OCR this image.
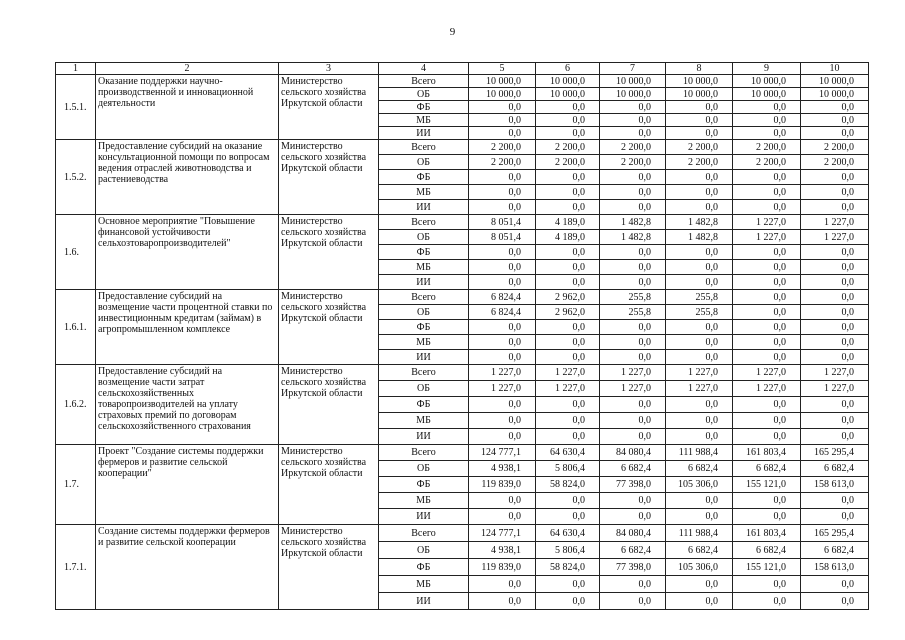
9
1	2	3	4	5	6	7	8	9	10
1.5.1.	Оказание поддержки научно-производственной и инновационной деятельности	Министерство сельского хозяйства Иркутской области	Всего	10 000,0	10 000,0	10 000,0	10 000,0	10 000,0	10 000,0
			ОБ	10 000,0	10 000,0	10 000,0	10 000,0	10 000,0	10 000,0
			ФБ	0,0	0,0	0,0	0,0	0,0	0,0
			МБ	0,0	0,0	0,0	0,0	0,0	0,0
			ИИ	0,0	0,0	0,0	0,0	0,0	0,0
1.5.2.	Предоставление субсидий на оказание консультационной помощи по вопросам ведения отраслей животноводства и растениеводства	Министерство сельского хозяйства Иркутской области	Всего	2 200,0	2 200,0	2 200,0	2 200,0	2 200,0	2 200,0
			ОБ	2 200,0	2 200,0	2 200,0	2 200,0	2 200,0	2 200,0
			ФБ	0,0	0,0	0,0	0,0	0,0	0,0
			МБ	0,0	0,0	0,0	0,0	0,0	0,0
			ИИ	0,0	0,0	0,0	0,0	0,0	0,0
1.6.	Основное мероприятие "Повышение финансовой устойчивости сельхозтоваропроизводителей"	Министерство сельского хозяйства Иркутской области	Всего	8 051,4	4 189,0	1 482,8	1 482,8	1 227,0	1 227,0
			ОБ	8 051,4	4 189,0	1 482,8	1 482,8	1 227,0	1 227,0
			ФБ	0,0	0,0	0,0	0,0	0,0	0,0
			МБ	0,0	0,0	0,0	0,0	0,0	0,0
			ИИ	0,0	0,0	0,0	0,0	0,0	0,0
1.6.1.	Предоставление субсидий на возмещение части процентной ставки по инвестиционным кредитам (займам) в агропромышленном комплексе	Министерство сельского хозяйства Иркутской области	Всего	6 824,4	2 962,0	255,8	255,8	0,0	0,0
			ОБ	6 824,4	2 962,0	255,8	255,8	0,0	0,0
			ФБ	0,0	0,0	0,0	0,0	0,0	0,0
			МБ	0,0	0,0	0,0	0,0	0,0	0,0
			ИИ	0,0	0,0	0,0	0,0	0,0	0,0
1.6.2.	Предоставление субсидий на возмещение части затрат сельскохозяйственных товаропроизводителей на уплату страховых премий по договорам сельскохозяйственного страхования	Министерство сельского хозяйства Иркутской области	Всего	1 227,0	1 227,0	1 227,0	1 227,0	1 227,0	1 227,0
			ОБ	1 227,0	1 227,0	1 227,0	1 227,0	1 227,0	1 227,0
			ФБ	0,0	0,0	0,0	0,0	0,0	0,0
			МБ	0,0	0,0	0,0	0,0	0,0	0,0
			ИИ	0,0	0,0	0,0	0,0	0,0	0,0
1.7.	Проект "Создание системы поддержки фермеров и развитие сельской кооперации"	Министерство сельского хозяйства Иркутской области	Всего	124 777,1	64 630,4	84 080,4	111 988,4	161 803,4	165 295,4
			ОБ	4 938,1	5 806,4	6 682,4	6 682,4	6 682,4	6 682,4
			ФБ	119 839,0	58 824,0	77 398,0	105 306,0	155 121,0	158 613,0
			МБ	0,0	0,0	0,0	0,0	0,0	0,0
			ИИ	0,0	0,0	0,0	0,0	0,0	0,0
1.7.1.	Создание системы поддержки фермеров и развитие сельской кооперации	Министерство сельского хозяйства Иркутской области	Всего	124 777,1	64 630,4	84 080,4	111 988,4	161 803,4	165 295,4
			ОБ	4 938,1	5 806,4	6 682,4	6 682,4	6 682,4	6 682,4
			ФБ	119 839,0	58 824,0	77 398,0	105 306,0	155 121,0	158 613,0
			МБ	0,0	0,0	0,0	0,0	0,0	0,0
			ИИ	0,0	0,0	0,0	0,0	0,0	0,0
